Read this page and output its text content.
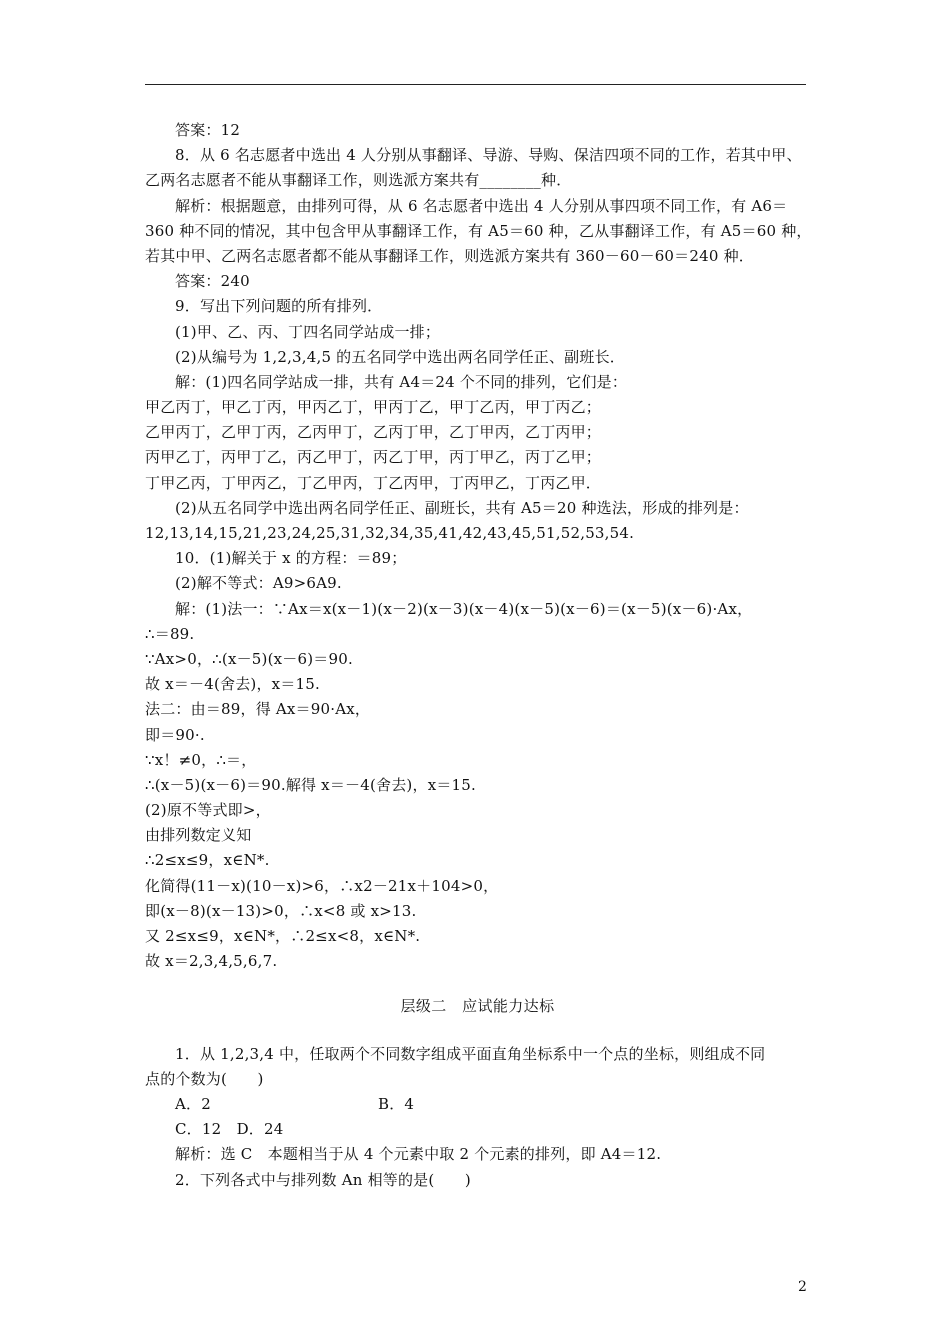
答案：12
8．从 6 名志愿者中选出 4 人分别从事翻译、导游、导购、保洁四项不同的工作，若其中甲、
乙两名志愿者不能从事翻译工作，则选派方案共有________种．
解析：根据题意，由排列可得，从 6 名志愿者中选出 4 人分别从事四项不同工作，有 A6＝
360 种不同的情况，其中包含甲从事翻译工作，有 A5＝60 种，乙从事翻译工作，有 A5＝60 种，
若其中甲、乙两名志愿者都不能从事翻译工作，则选派方案共有 360－60－60＝240 种．
答案：240
9．写出下列问题的所有排列．
(1)甲、乙、丙、丁四名同学站成一排；
(2)从编号为 1,2,3,4,5 的五名同学中选出两名同学任正、副班长．
解：(1)四名同学站成一排，共有 A4＝24 个不同的排列，它们是：
甲乙丙丁，甲乙丁丙，甲丙乙丁，甲丙丁乙，甲丁乙丙，甲丁丙乙；
乙甲丙丁，乙甲丁丙，乙丙甲丁，乙丙丁甲，乙丁甲丙，乙丁丙甲；
丙甲乙丁，丙甲丁乙，丙乙甲丁，丙乙丁甲，丙丁甲乙，丙丁乙甲；
丁甲乙丙，丁甲丙乙，丁乙甲丙，丁乙丙甲，丁丙甲乙，丁丙乙甲．
(2)从五名同学中选出两名同学任正、副班长，共有 A5＝20 种选法，形成的排列是：
12,13,14,15,21,23,24,25,31,32,34,35,41,42,43,45,51,52,53,54.
10．(1)解关于 x 的方程：＝89；
(2)解不等式：A9>6A9.
解：(1)法一：∵Ax＝x(x－1)(x－2)(x－3)(x－4)(x－5)(x－6)＝(x－5)(x－6)·Ax，
∴＝89.
∵Ax>0，∴(x－5)(x－6)＝90.
故 x＝－4(舍去)，x＝15.
法二：由＝89，得 Ax＝90·Ax，
即＝90·.
∵x！≠0，∴＝，
∴(x－5)(x－6)＝90.解得 x＝－4(舍去)，x＝15.
(2)原不等式即>，
由排列数定义知
∴2≤x≤9，x∈N*.
化简得(11－x)(10－x)>6，∴x2－21x＋104>0，
即(x－8)(x－13)>0，∴x<8 或 x>13.
又 2≤x≤9，x∈N*，∴2≤x<8，x∈N*.
故 x＝2,3,4,5,6,7.
层级二　应试能力达标
1．从 1,2,3,4 中，任取两个不同数字组成平面直角坐标系中一个点的坐标，则组成不同
点的个数为(　　)
A．2	B．4
C．12　D．24
解析：选 C　本题相当于从 4 个元素中取 2 个元素的排列，即 A4＝12.
2．下列各式中与排列数 An 相等的是(　　)
2
